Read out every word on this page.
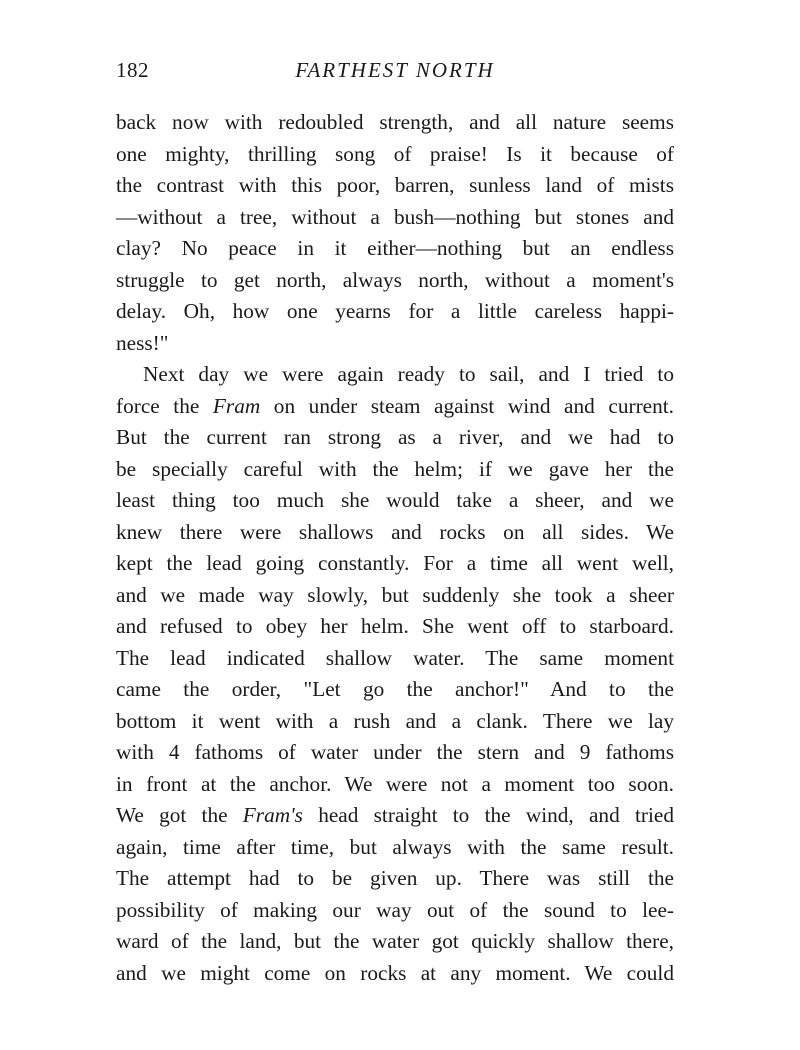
182	FARTHEST NORTH
back now with redoubled strength, and all nature seems
one mighty, thrilling song of praise! Is it because of
the contrast with this poor, barren, sunless land of mists
—without a tree, without a bush—nothing but stones and
clay? No peace in it either—nothing but an endless
struggle to get north, always north, without a moment's
delay. Oh, how one yearns for a little careless happi-
ness!"
Next day we were again ready to sail, and I tried to
force the Fram on under steam against wind and current.
But the current ran strong as a river, and we had to
be specially careful with the helm; if we gave her the
least thing too much she would take a sheer, and we
knew there were shallows and rocks on all sides. We
kept the lead going constantly. For a time all went well,
and we made way slowly, but suddenly she took a sheer
and refused to obey her helm. She went off to starboard.
The lead indicated shallow water. The same moment
came the order, "Let go the anchor!" And to the
bottom it went with a rush and a clank. There we lay
with 4 fathoms of water under the stern and 9 fathoms
in front at the anchor. We were not a moment too soon.
We got the Fram's head straight to the wind, and tried
again, time after time, but always with the same result.
The attempt had to be given up. There was still the
possibility of making our way out of the sound to lee-
ward of the land, but the water got quickly shallow there,
and we might come on rocks at any moment. We could
